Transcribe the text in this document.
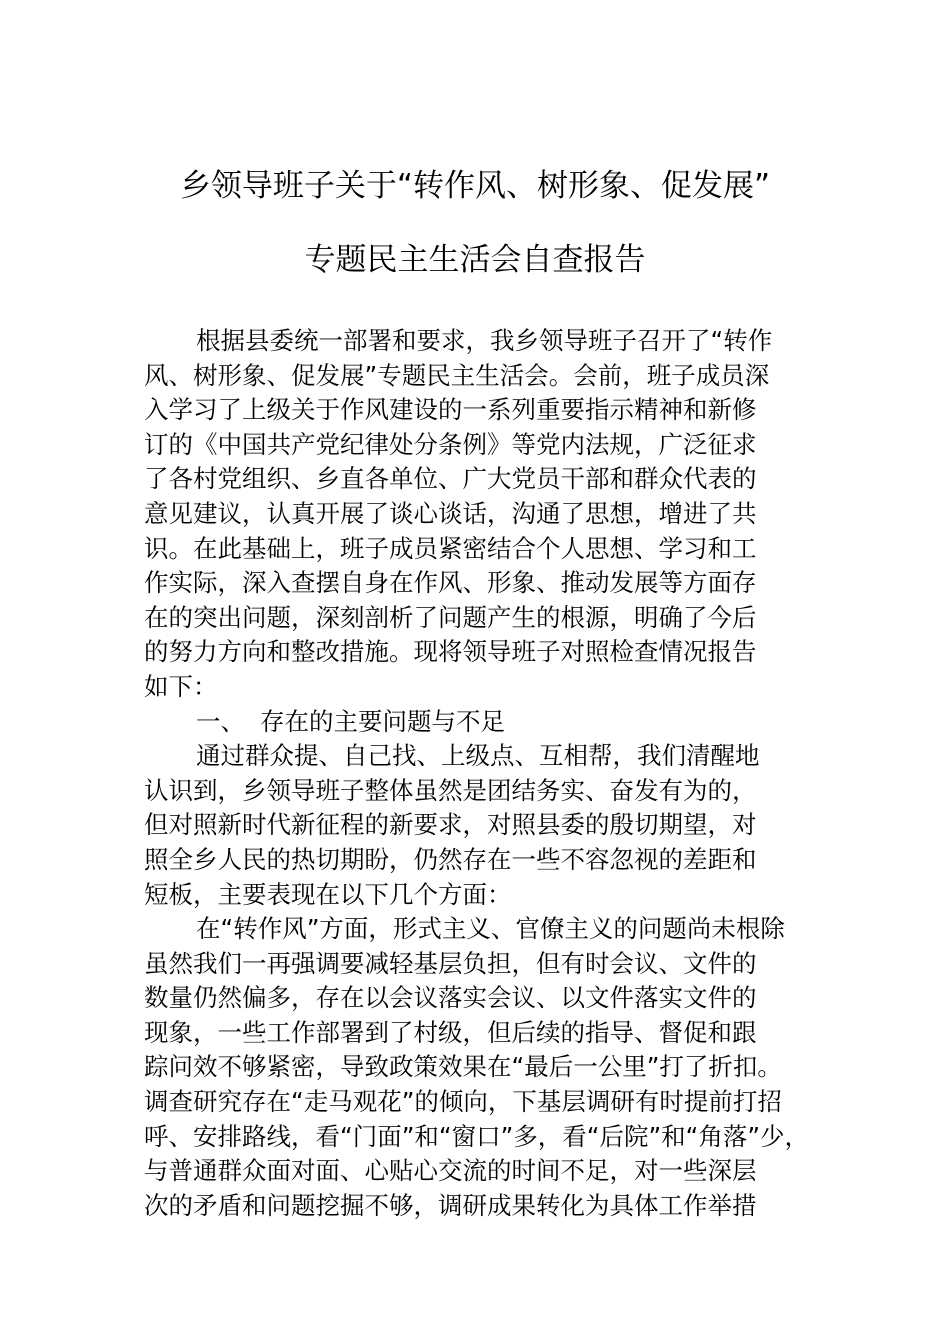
乡领导班子关于“转作风、树形象、促发展”
专题民主生活会自查报告
根据县委统一部署和要求，我乡领导班子召开了“转作
风、树形象、促发展”专题民主生活会。会前，班子成员深
入学习了上级关于作风建设的一系列重要指示精神和新修
订的《中国共产党纪律处分条例》等党内法规，广泛征求
了各村党组织、乡直各单位、广大党员干部和群众代表的
意见建议，认真开展了谈心谈话，沟通了思想，增进了共
识。在此基础上，班子成员紧密结合个人思想、学习和工
作实际，深入查摆自身在作风、形象、推动发展等方面存
在的突出问题，深刻剖析了问题产生的根源，明确了今后
的努力方向和整改措施。现将领导班子对照检查情况报告
如下：
一、 存在的主要问题与不足
通过群众提、自己找、上级点、互相帮，我们清醒地
认识到，乡领导班子整体虽然是团结务实、奋发有为的，
但对照新时代新征程的新要求，对照县委的殷切期望，对
照全乡人民的热切期盼，仍然存在一些不容忽视的差距和
短板，主要表现在以下几个方面：
在“转作风”方面，形式主义、官僚主义的问题尚未根除
虽然我们一再强调要减轻基层负担，但有时会议、文件的
数量仍然偏多，存在以会议落实会议、以文件落实文件的
现象，一些工作部署到了村级，但后续的指导、督促和跟
踪问效不够紧密，导致政策效果在“最后一公里”打了折扣。
调查研究存在“走马观花”的倾向，下基层调研有时提前打招
呼、安排路线，看“门面”和“窗口”多，看“后院”和“角落”少，
与普通群众面对面、心贴心交流的时间不足，对一些深层
次的矛盾和问题挖掘不够，调研成果转化为具体工作举措
